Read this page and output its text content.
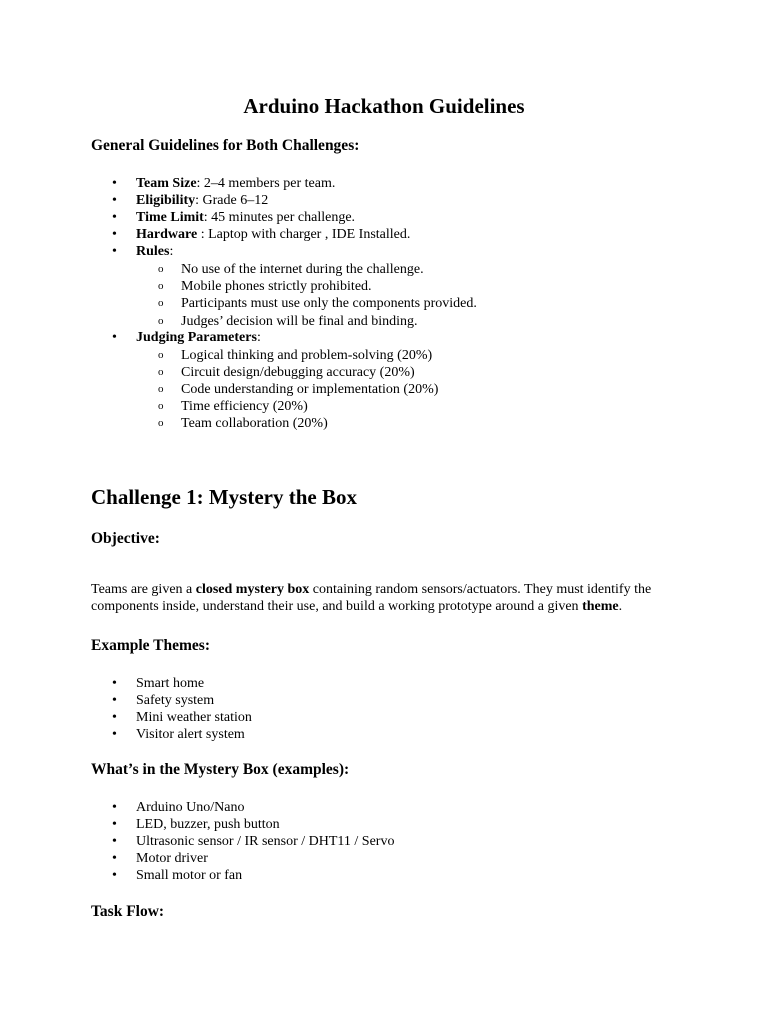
Arduino Hackathon Guidelines
General Guidelines for Both Challenges:
• Team Size: 2–4 members per team.
• Eligibility: Grade 6–12
• Time Limit: 45 minutes per challenge.
• Hardware : Laptop with charger , IDE Installed.
• Rules:
o No use of the internet during the challenge.
o Mobile phones strictly prohibited.
o Participants must use only the components provided.
o Judges’ decision will be final and binding.
• Judging Parameters:
o Logical thinking and problem-solving (20%)
o Circuit design/debugging accuracy (20%)
o Code understanding or implementation (20%)
o Time efficiency (20%)
o Team collaboration (20%)
Challenge 1: Mystery the Box
Objective:

Teams are given a closed mystery box containing random sensors/actuators. They must identify the components inside, understand their use, and build a working prototype around a given theme.

Example Themes:
• Smart home
• Safety system
• Mini weather station
• Visitor alert system
What’s in the Mystery Box (examples):
• Arduino Uno/Nano
• LED, buzzer, push button
• Ultrasonic sensor / IR sensor / DHT11 / Servo
• Motor driver
• Small motor or fan
Task Flow:
